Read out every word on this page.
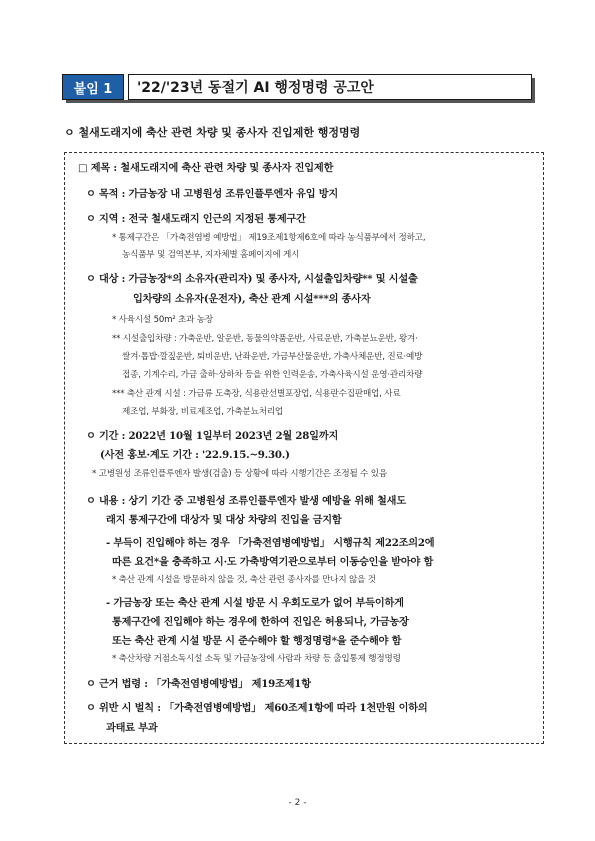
붙임 1	'22/'23년 동절기 AI 행정명령 공고안
ㅇ 철새도래지에 축산 관련 차량 및 종사자 진입제한 행정명령
□ 제목 : 철새도래지에 축산 관련 차량 및 종사자 진입제한
ㅇ 목적 : 가금농장 내 고병원성 조류인플루엔자 유입 방지
ㅇ 지역 : 전국 철새도래지 인근의 지정된 통제구간
* 통제구간은 「가축전염병 예방법」 제19조제1항제6호에 따라 농식품부에서 정하고,
농식품부 및 검역본부, 지자체별 홈페이지에 게시
ㅇ 대상 : 가금농장*의 소유자(관리자) 및 종사자, 시설출입차량** 및 시설출
입차량의 소유자(운전자), 축산 관계 시설***의 종사자
* 사육시설 50m² 초과 농장
** 시설출입차량 : 가축운반, 알운반, 동물의약품운반, 사료운반, 가축분뇨운반, 왕겨·
쌀겨·톱밥·깔짚운반, 퇴비운반, 난좌운반, 가금부산물운반, 가축사체운반, 진료·예방
접종, 기계수리, 가금 출하·상하차 등을 위한 인력운송, 가축사육시설 운영·관리차량
*** 축산 관계 시설 : 가금류 도축장, 식용란선별포장업, 식용란수집판매업, 사료
제조업, 부화장, 비료제조업, 가축분뇨처리업
ㅇ 기간 : 2022년 10월 1일부터 2023년 2월 28일까지
(사전 홍보·계도 기간 : '22.9.15.~9.30.)
* 고병원성 조류인플루엔자 발생(검출) 등 상황에 따라 시행기간은 조정될 수 있음
ㅇ 내용 : 상기 기간 중 고병원성 조류인플루엔자 발생 예방을 위해 철새도
래지 통제구간에 대상자 및 대상 차량의 진입을 금지함
- 부득이 진입해야 하는 경우 「가축전염병예방법」 시행규칙 제22조의2에
따른 요건*을 충족하고 시·도 가축방역기관으로부터 이동승인을 받아야 함
* 축산 관계 시설을 방문하지 않을 것, 축산 관련 종사자를 만나지 않을 것
- 가금농장 또는 축산 관계 시설 방문 시 우회도로가 없어 부득이하게
통제구간에 진입해야 하는 경우에 한하여 진입은 허용되나, 가금농장
또는 축산 관계 시설 방문 시 준수해야 할 행정명령*을 준수해야 함
* 축산차량 거점소독시설 소독 및 가금농장에 사람과 차량 등 출입통제 행정명령
ㅇ 근거 법령 : 「가축전염병예방법」 제19조제1항
ㅇ 위반 시 벌칙 : 「가축전염병예방법」 제60조제1항에 따라 1천만원 이하의
과태료 부과
- 2 -
